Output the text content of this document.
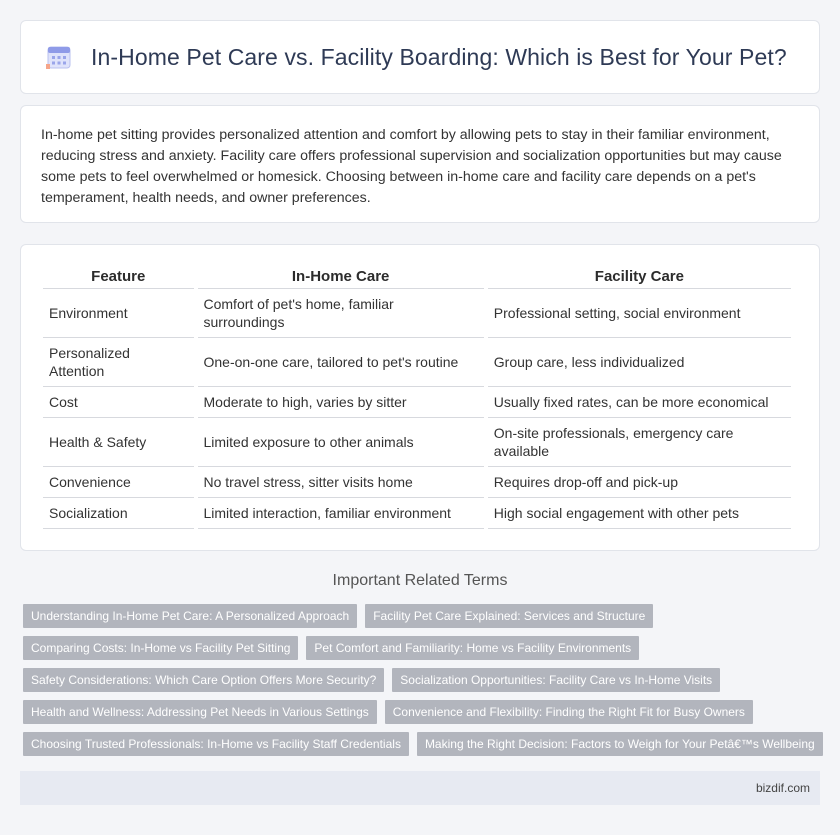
In-Home Pet Care vs. Facility Boarding: Which is Best for Your Pet?

In-home pet sitting provides personalized attention and comfort by allowing pets to stay in their familiar environment, reducing stress and anxiety. Facility care offers professional supervision and socialization opportunities but may cause some pets to feel overwhelmed or homesick. Choosing between in-home care and facility care depends on a pet's temperament, health needs, and owner preferences.

Feature	In-Home Care	Facility Care
Environment	Comfort of pet's home, familiar surroundings	Professional setting, social environment
Personalized Attention	One-on-one care, tailored to pet's routine	Group care, less individualized
Cost	Moderate to high, varies by sitter	Usually fixed rates, can be more economical
Health & Safety	Limited exposure to other animals	On-site professionals, emergency care available
Convenience	No travel stress, sitter visits home	Requires drop-off and pick-up
Socialization	Limited interaction, familiar environment	High social engagement with other pets
Important Related Terms
Understanding In-Home Pet Care: A Personalized Approach	Facility Pet Care Explained: Services and Structure
Comparing Costs: In-Home vs Facility Pet Sitting	Pet Comfort and Familiarity: Home vs Facility Environments
Safety Considerations: Which Care Option Offers More Security?	Socialization Opportunities: Facility Care vs In-Home Visits
Health and Wellness: Addressing Pet Needs in Various Settings	Convenience and Flexibility: Finding the Right Fit for Busy Owners
Choosing Trusted Professionals: In-Home vs Facility Staff Credentials	Making the Right Decision: Factors to Weigh for Your Petâ€™s Wellbeing
bizdif.com
